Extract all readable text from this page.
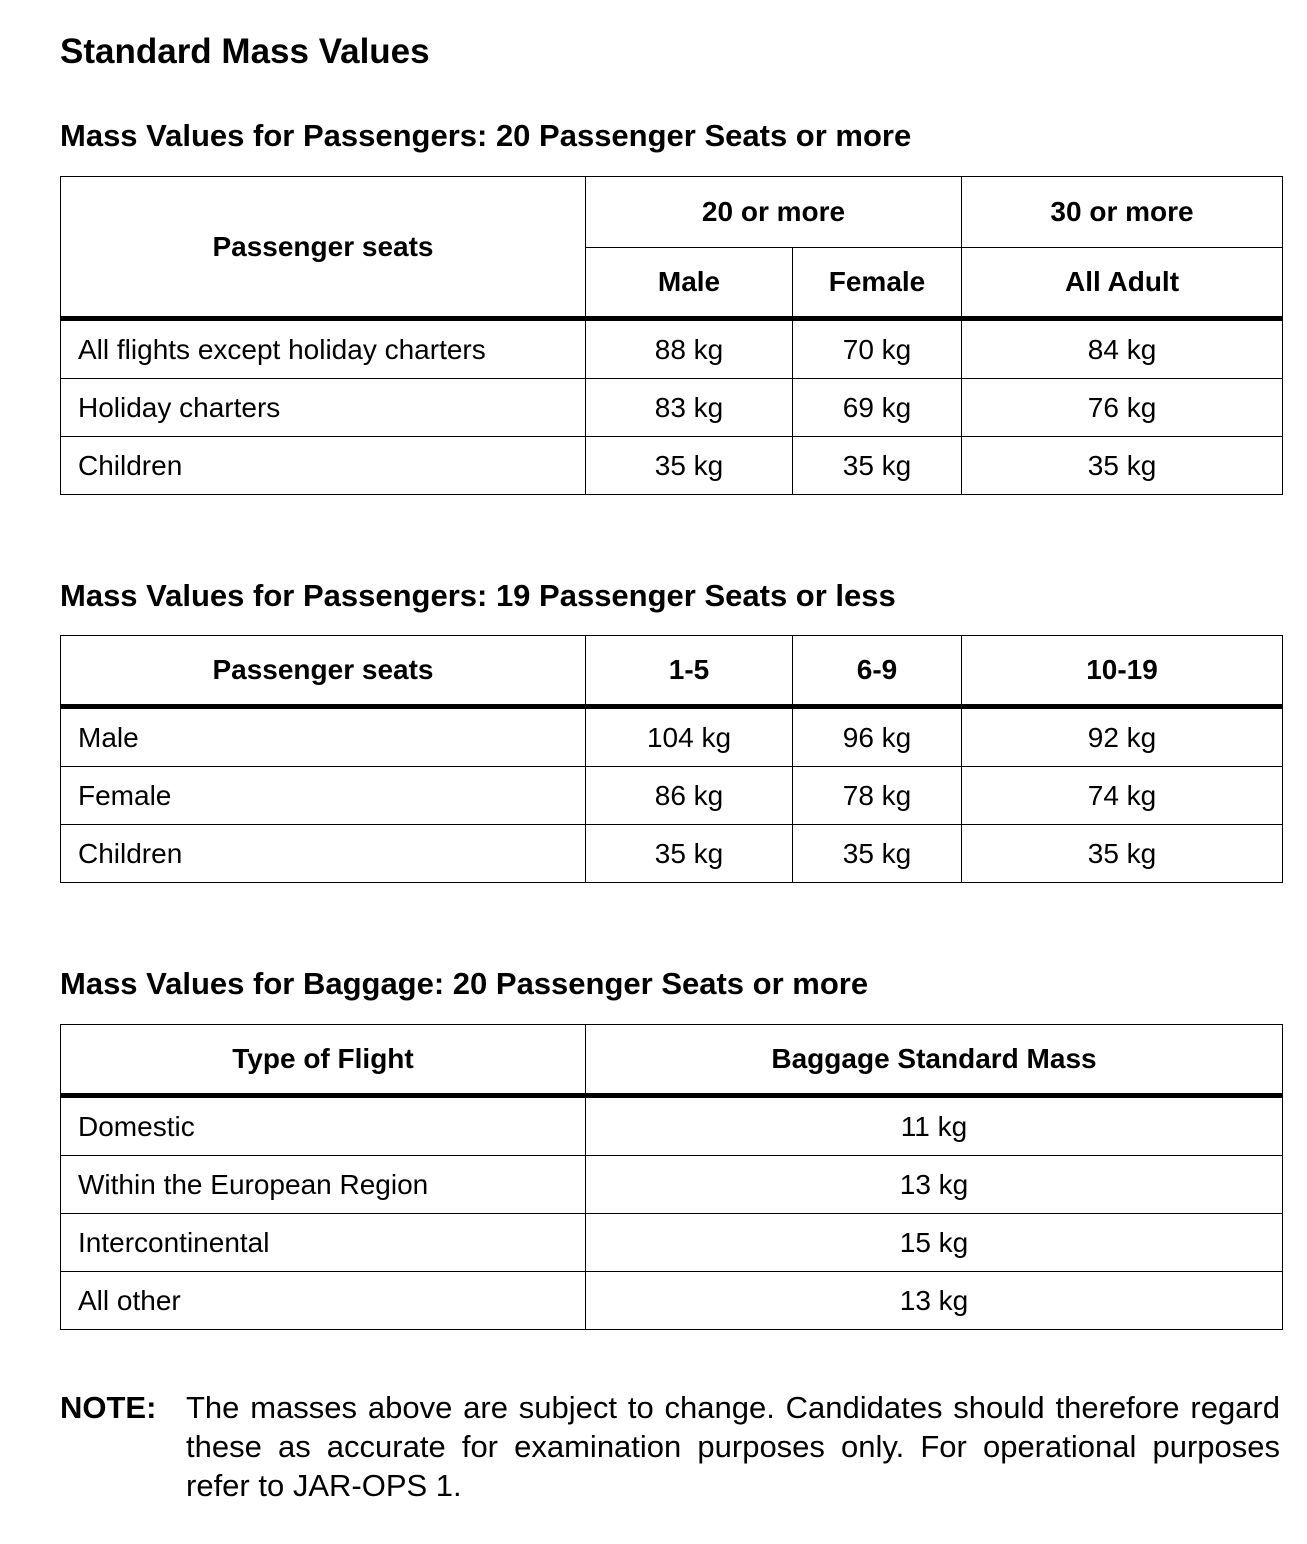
Standard Mass Values
Mass Values for Passengers: 20 Passenger Seats or more
Passenger seats	20 or more		30 or more
	Male	Female	All Adult
All flights except holiday charters	88 kg	70 kg	84 kg
Holiday charters	83 kg	69 kg	76 kg
Children	35 kg	35 kg	35 kg
Mass Values for Passengers: 19 Passenger Seats or less
Passenger seats	1-5	6-9	10-19
Male	104 kg	96 kg	92 kg
Female	86 kg	78 kg	74 kg
Children	35 kg	35 kg	35 kg
Mass Values for Baggage: 20 Passenger Seats or more
Type of Flight	Baggage Standard Mass
Domestic	11 kg
Within the European Region	13 kg
Intercontinental	15 kg
All other	13 kg
NOTE: The masses above are subject to change. Candidates should therefore regard these as accurate for examination purposes only. For operational purposes refer to JAR-OPS 1.
